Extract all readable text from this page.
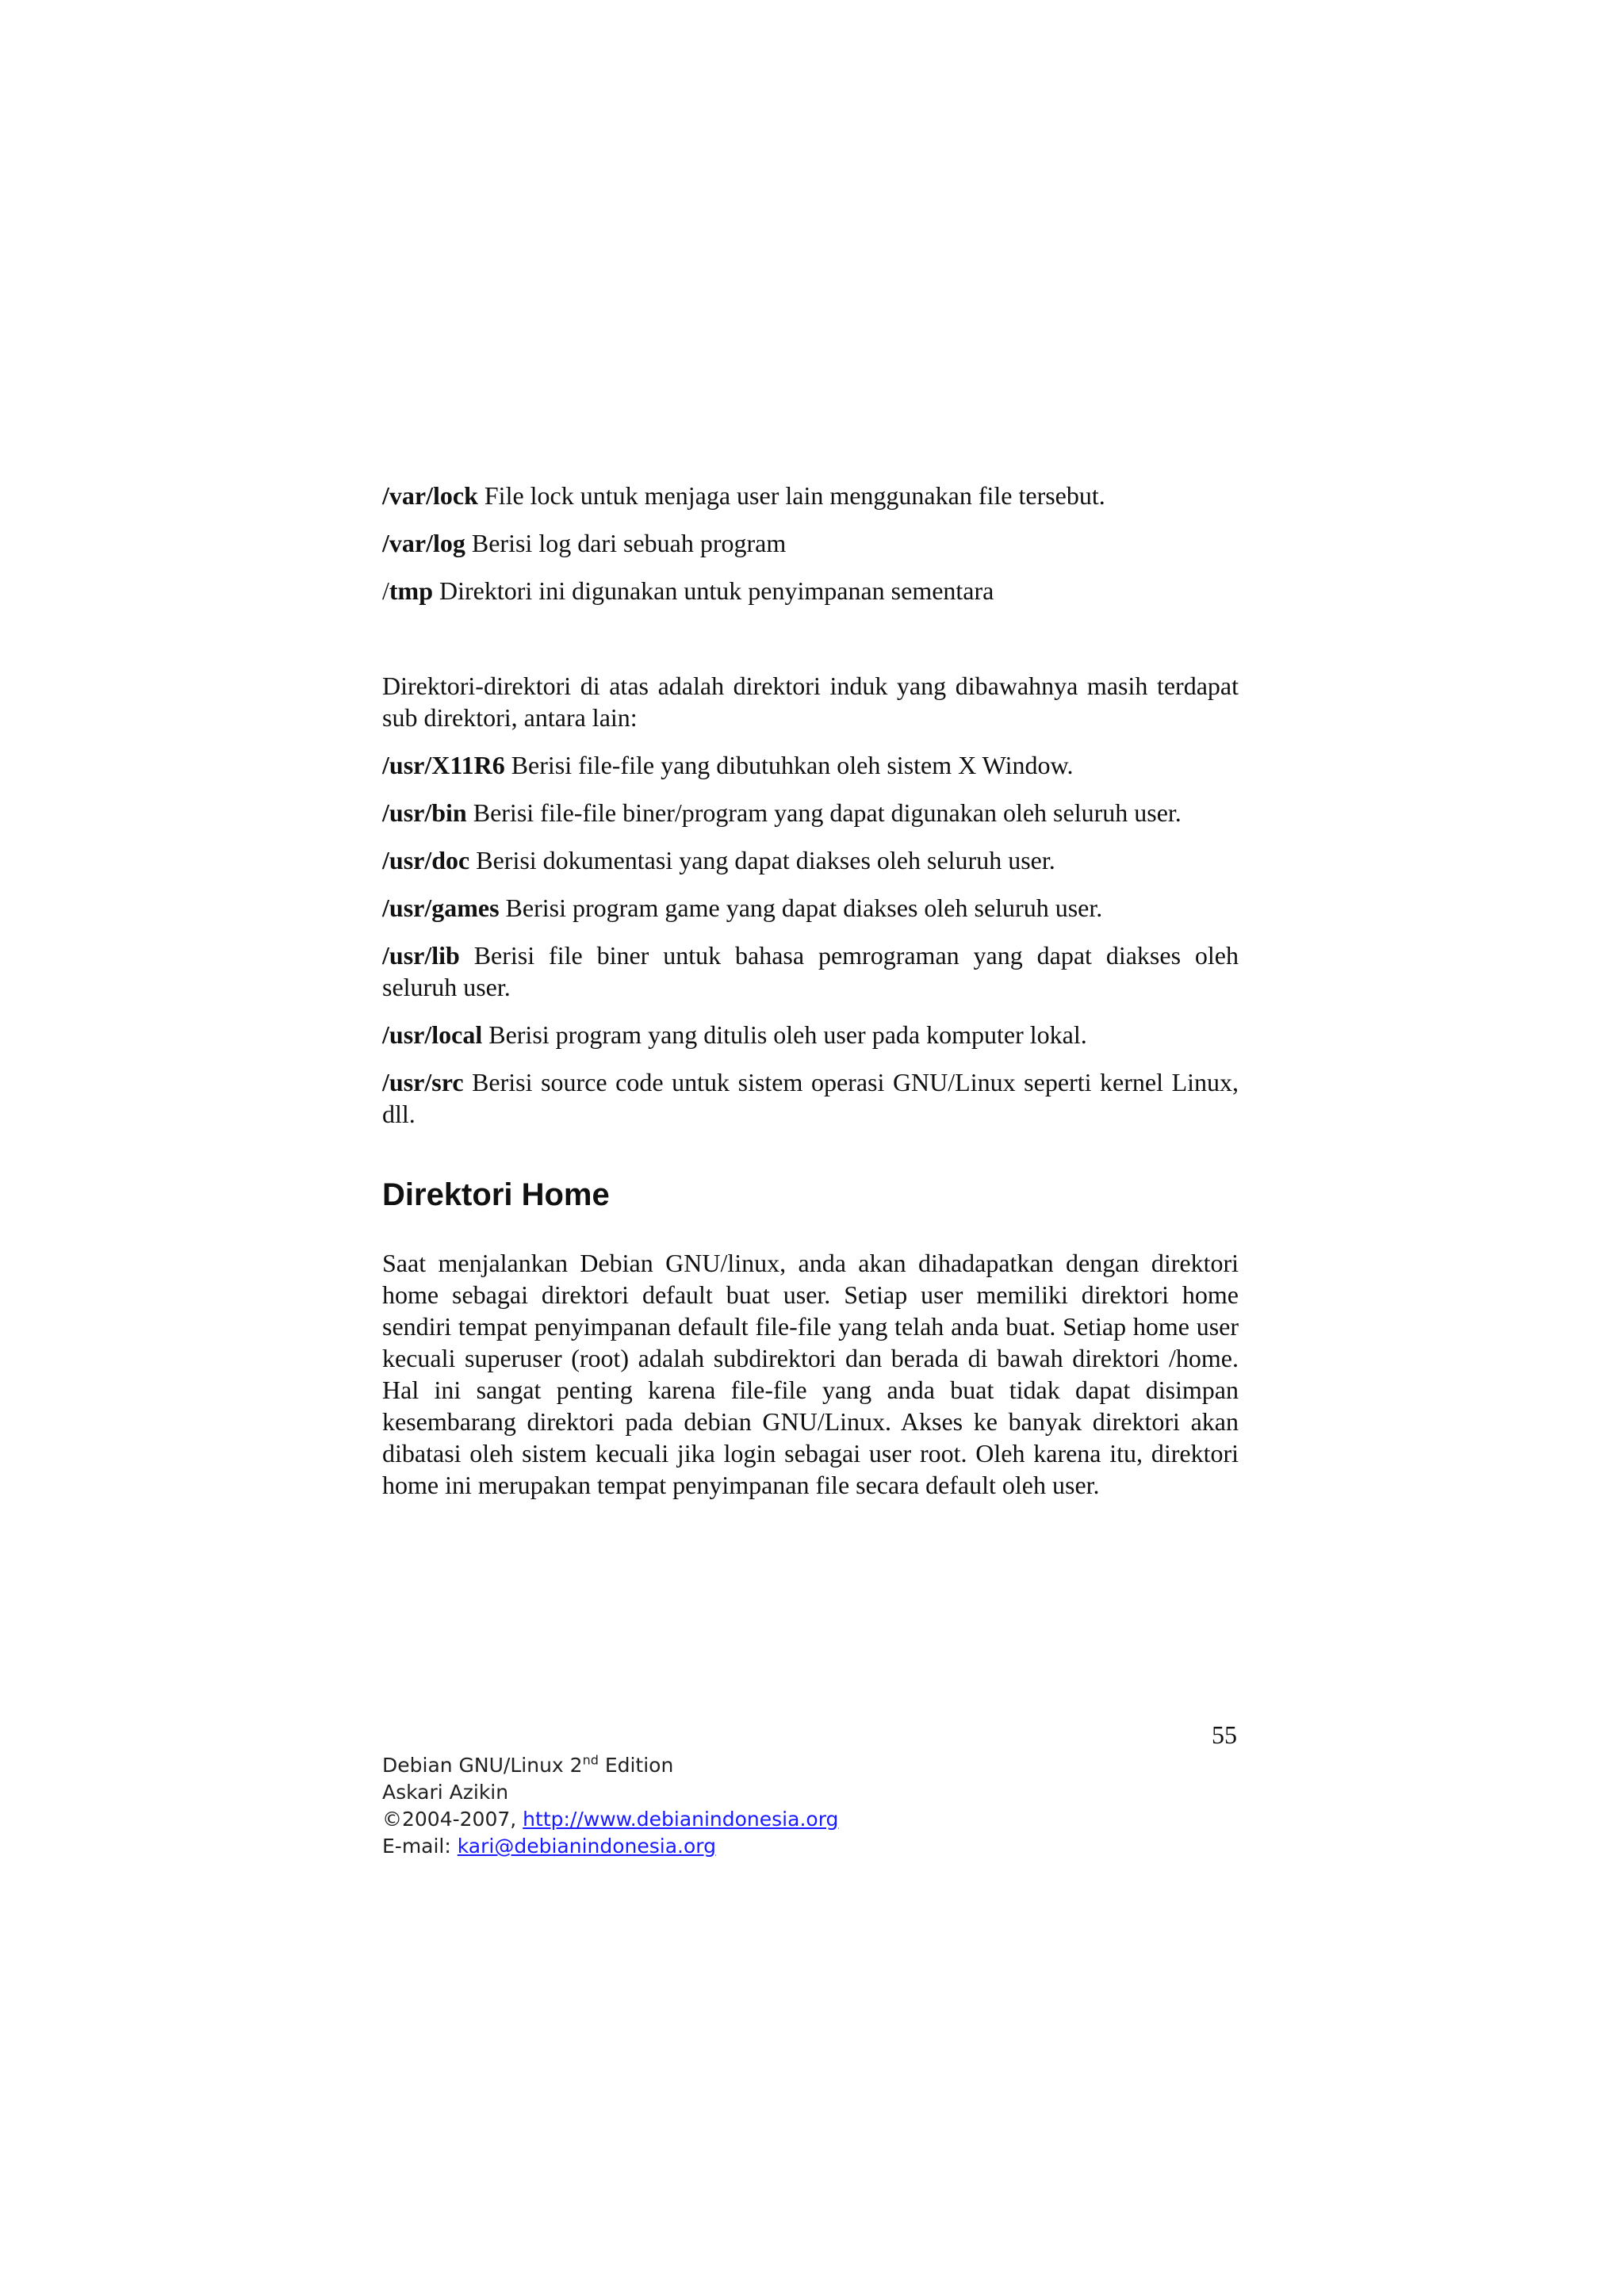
/var/lock File lock untuk menjaga user lain menggunakan file tersebut.

/var/log Berisi log dari sebuah program

/tmp Direktori ini digunakan untuk penyimpanan sementara

Direktori-direktori di atas adalah direktori induk yang dibawahnya masih terdapat sub direktori, antara lain:

/usr/X11R6 Berisi file-file yang dibutuhkan oleh sistem X Window.

/usr/bin Berisi file-file biner/program yang dapat digunakan oleh seluruh user.

/usr/doc Berisi dokumentasi yang dapat diakses oleh seluruh user.

/usr/games Berisi program game yang dapat diakses oleh seluruh user.

/usr/lib Berisi file biner untuk bahasa pemrograman yang dapat diakses oleh seluruh user.

/usr/local Berisi program yang ditulis oleh user pada komputer lokal.

/usr/src Berisi source code untuk sistem operasi GNU/Linux seperti kernel Linux, dll.

Direktori Home

Saat menjalankan Debian GNU/linux, anda akan dihadapatkan dengan direktori home sebagai direktori default buat user. Setiap user memiliki direktori home sendiri tempat penyimpanan default file-file yang telah anda buat. Setiap home user kecuali superuser (root) adalah subdirektori dan berada di bawah direktori /home. Hal ini sangat penting karena file-file yang anda buat tidak dapat disimpan kesembarang direktori pada debian GNU/Linux. Akses ke banyak direktori akan dibatasi oleh sistem kecuali jika login sebagai user root. Oleh karena itu, direktori home ini merupakan tempat penyimpanan file secara default oleh user.

55
Debian GNU/Linux 2nd Edition
Askari Azikin
©2004-2007, http://www.debianindonesia.org
E-mail: kari@debianindonesia.org
